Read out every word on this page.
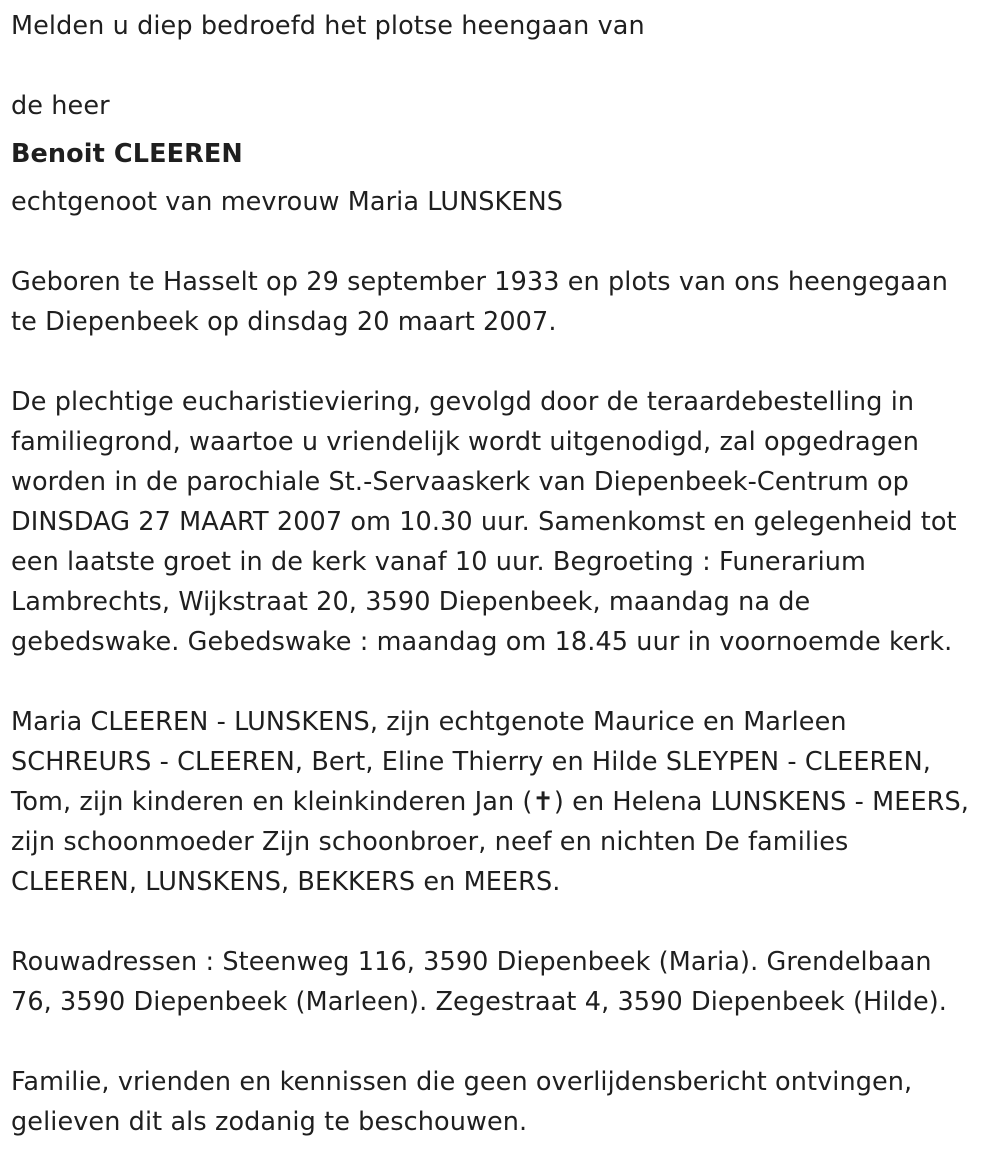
Melden u diep bedroefd het plotse heengaan van
de heer
Benoit CLEEREN
echtgenoot van mevrouw Maria LUNSKENS
Geboren te Hasselt op 29 september 1933 en plots van ons heengegaan
te Diepenbeek op dinsdag 20 maart 2007.
De plechtige eucharistieviering, gevolgd door de teraardebestelling in
familiegrond, waartoe u vriendelijk wordt uitgenodigd, zal opgedragen
worden in de parochiale St.-Servaaskerk van Diepenbeek-Centrum op
DINSDAG 27 MAART 2007 om 10.30 uur. Samenkomst en gelegenheid tot
een laatste groet in de kerk vanaf 10 uur. Begroeting : Funerarium
Lambrechts, Wijkstraat 20, 3590 Diepenbeek, maandag na de
gebedswake. Gebedswake : maandag om 18.45 uur in voornoemde kerk.
Maria CLEEREN - LUNSKENS, zijn echtgenote Maurice en Marleen
SCHREURS - CLEEREN, Bert, Eline Thierry en Hilde SLEYPEN - CLEEREN,
Tom, zijn kinderen en kleinkinderen Jan (✝) en Helena LUNSKENS - MEERS,
zijn schoonmoeder Zijn schoonbroer, neef en nichten De families
CLEEREN, LUNSKENS, BEKKERS en MEERS.
Rouwadressen : Steenweg 116, 3590 Diepenbeek (Maria). Grendelbaan
76, 3590 Diepenbeek (Marleen). Zegestraat 4, 3590 Diepenbeek (Hilde).
Familie, vrienden en kennissen die geen overlijdensbericht ontvingen,
gelieven dit als zodanig te beschouwen.
